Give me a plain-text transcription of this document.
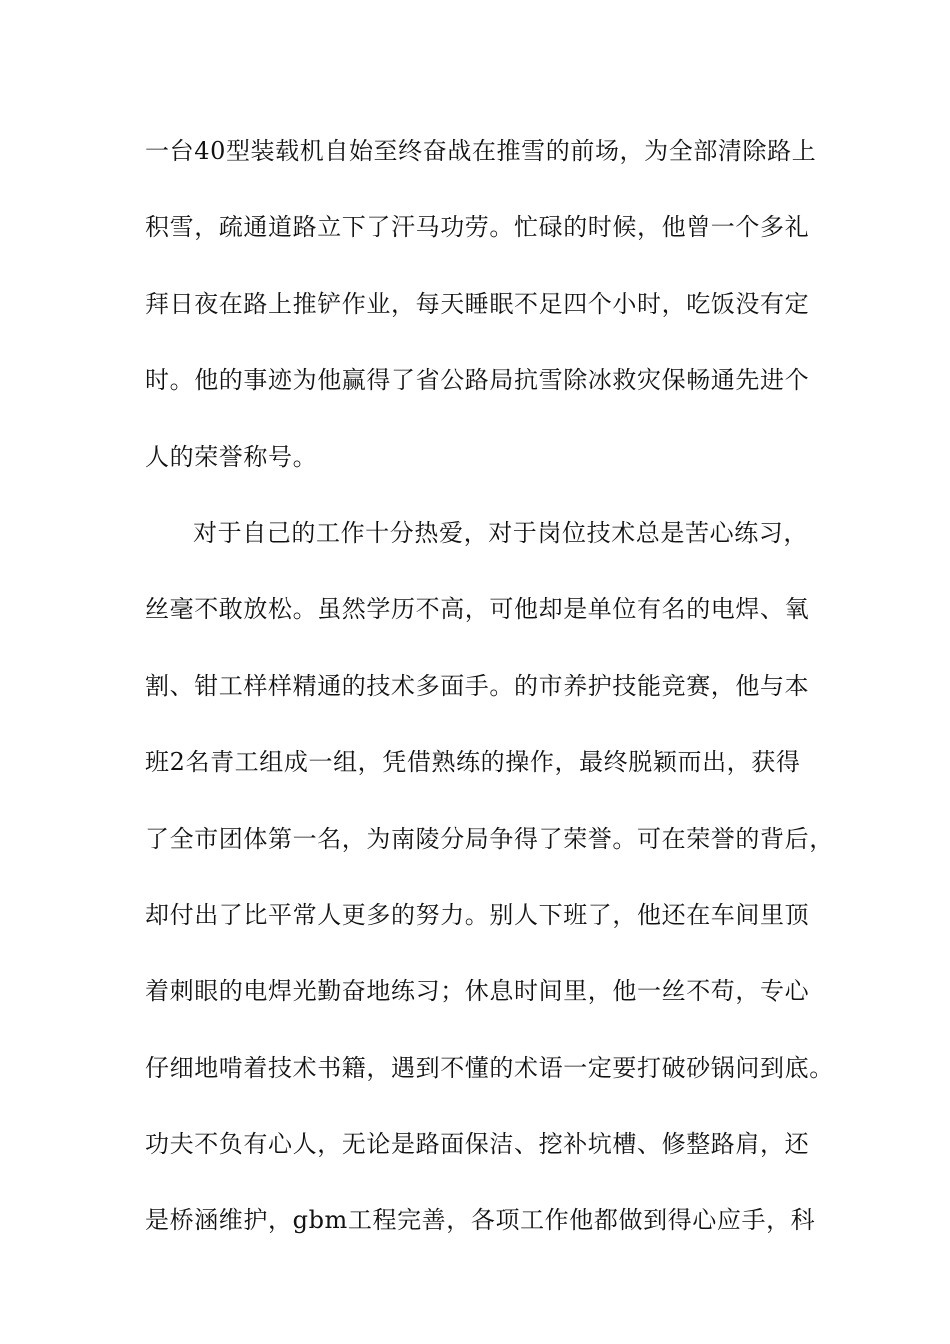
一台40型装载机自始至终奋战在推雪的前场，为全部清除路上
积雪，疏通道路立下了汗马功劳。忙碌的时候，他曾一个多礼
拜日夜在路上推铲作业，每天睡眠不足四个小时，吃饭没有定
时。他的事迹为他赢得了省公路局抗雪除冰救灾保畅通先进个
人的荣誉称号。
对于自己的工作十分热爱，对于岗位技术总是苦心练习，
丝毫不敢放松。虽然学历不高，可他却是单位有名的电焊、氧
割、钳工样样精通的技术多面手。的市养护技能竞赛，他与本
班2名青工组成一组，凭借熟练的操作，最终脱颖而出，获得
了全市团体第一名，为南陵分局争得了荣誉。可在荣誉的背后，
却付出了比平常人更多的努力。别人下班了，他还在车间里顶
着刺眼的电焊光勤奋地练习；休息时间里，他一丝不苟，专心
仔细地啃着技术书籍，遇到不懂的术语一定要打破砂锅问到底。
功夫不负有心人，无论是路面保洁、挖补坑槽、修整路肩，还
是桥涵维护，gbm工程完善，各项工作他都做到得心应手，科
